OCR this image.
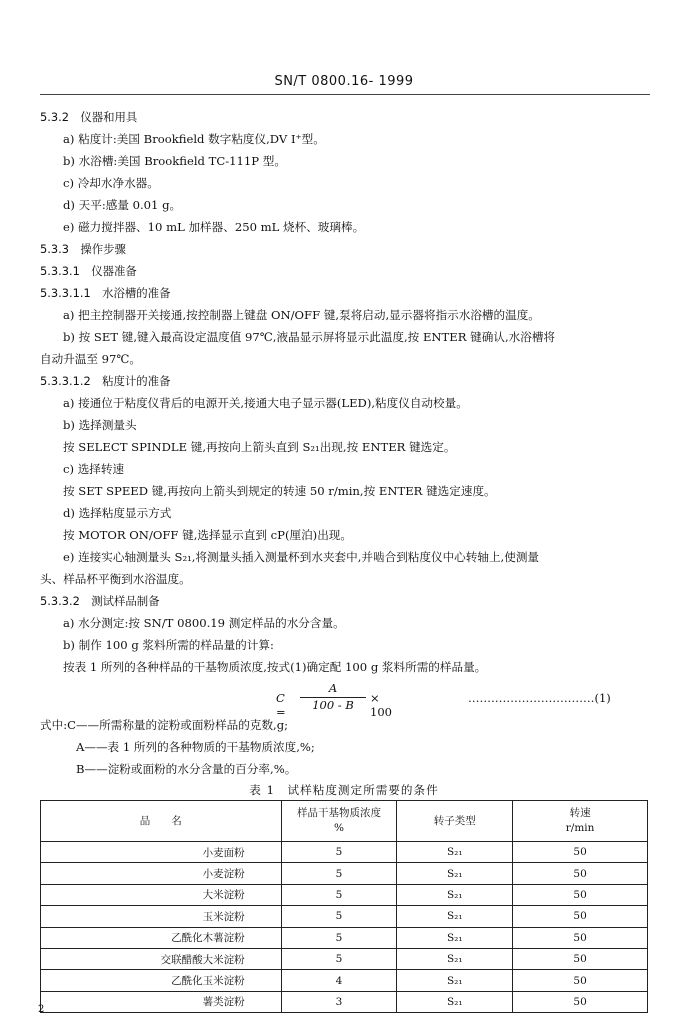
SN/T 0800.16- 1999
5.3.2　仪器和用具
a) 粘度计:美国 Brookfield 数字粘度仪,DV Ⅰ⁺型。
b) 水浴槽:美国 Brookfield TC-111P 型。
c) 冷却水净水器。
d) 天平:感量 0.01 g。
e) 磁力搅拌器、10 mL 加样器、250 mL 烧杯、玻璃棒。
5.3.3　操作步骤
5.3.3.1　仪器准备
5.3.3.1.1　水浴槽的准备
a) 把主控制器开关接通,按控制器上键盘 ON/OFF 键,泵将启动,显示器将指示水浴槽的温度。
b) 按 SET 键,键入最高设定温度值 97℃,液晶显示屏将显示此温度,按 ENTER 键确认,水浴槽将
自动升温至 97℃。
5.3.3.1.2　粘度计的准备
a) 接通位于粘度仪背后的电源开关,接通大电子显示器(LED),粘度仪自动校量。
b) 选择测量头
按 SELECT SPINDLE 键,再按向上箭头直到 S₂₁出现,按 ENTER 键选定。
c) 选择转速
按 SET SPEED 键,再按向上箭头到规定的转速 50 r/min,按 ENTER 键选定速度。
d) 选择粘度显示方式
按 MOTOR ON/OFF 键,选择显示直到 cP(厘泊)出现。
e) 连接实心轴测量头 S₂₁,将测量头插入测量杯到水夹套中,并啮合到粘度仪中心转轴上,使测量
头、样品杯平衡到水浴温度。
5.3.3.2　测试样品制备
a) 水分测定:按 SN/T 0800.19 测定样品的水分含量。
b) 制作 100 g 浆料所需的样品量的计算:
按表 1 所列的各种样品的干基物质浓度,按式(1)确定配 100 g 浆料所需的样品量。
C =
A
100 - B	× 100
……………………………(1)
式中:C——所需称量的淀粉或面粉样品的克数,g;
A——表 1 所列的各种物质的干基物质浓度,%;
B——淀粉或面粉的水分含量的百分率,%。
表 1　试样粘度测定所需要的条件
品　　名	样品干基物质浓度
%	转子类型	转速
r/min
小麦面粉	5	S₂₁	50
小麦淀粉	5	S₂₁	50
大米淀粉	5	S₂₁	50
玉米淀粉	5	S₂₁	50
乙酰化木薯淀粉	5	S₂₁	50
交联醋酸大米淀粉	5	S₂₁	50
乙酰化玉米淀粉	4	S₂₁	50
薯类淀粉	3	S₂₁	50
2
